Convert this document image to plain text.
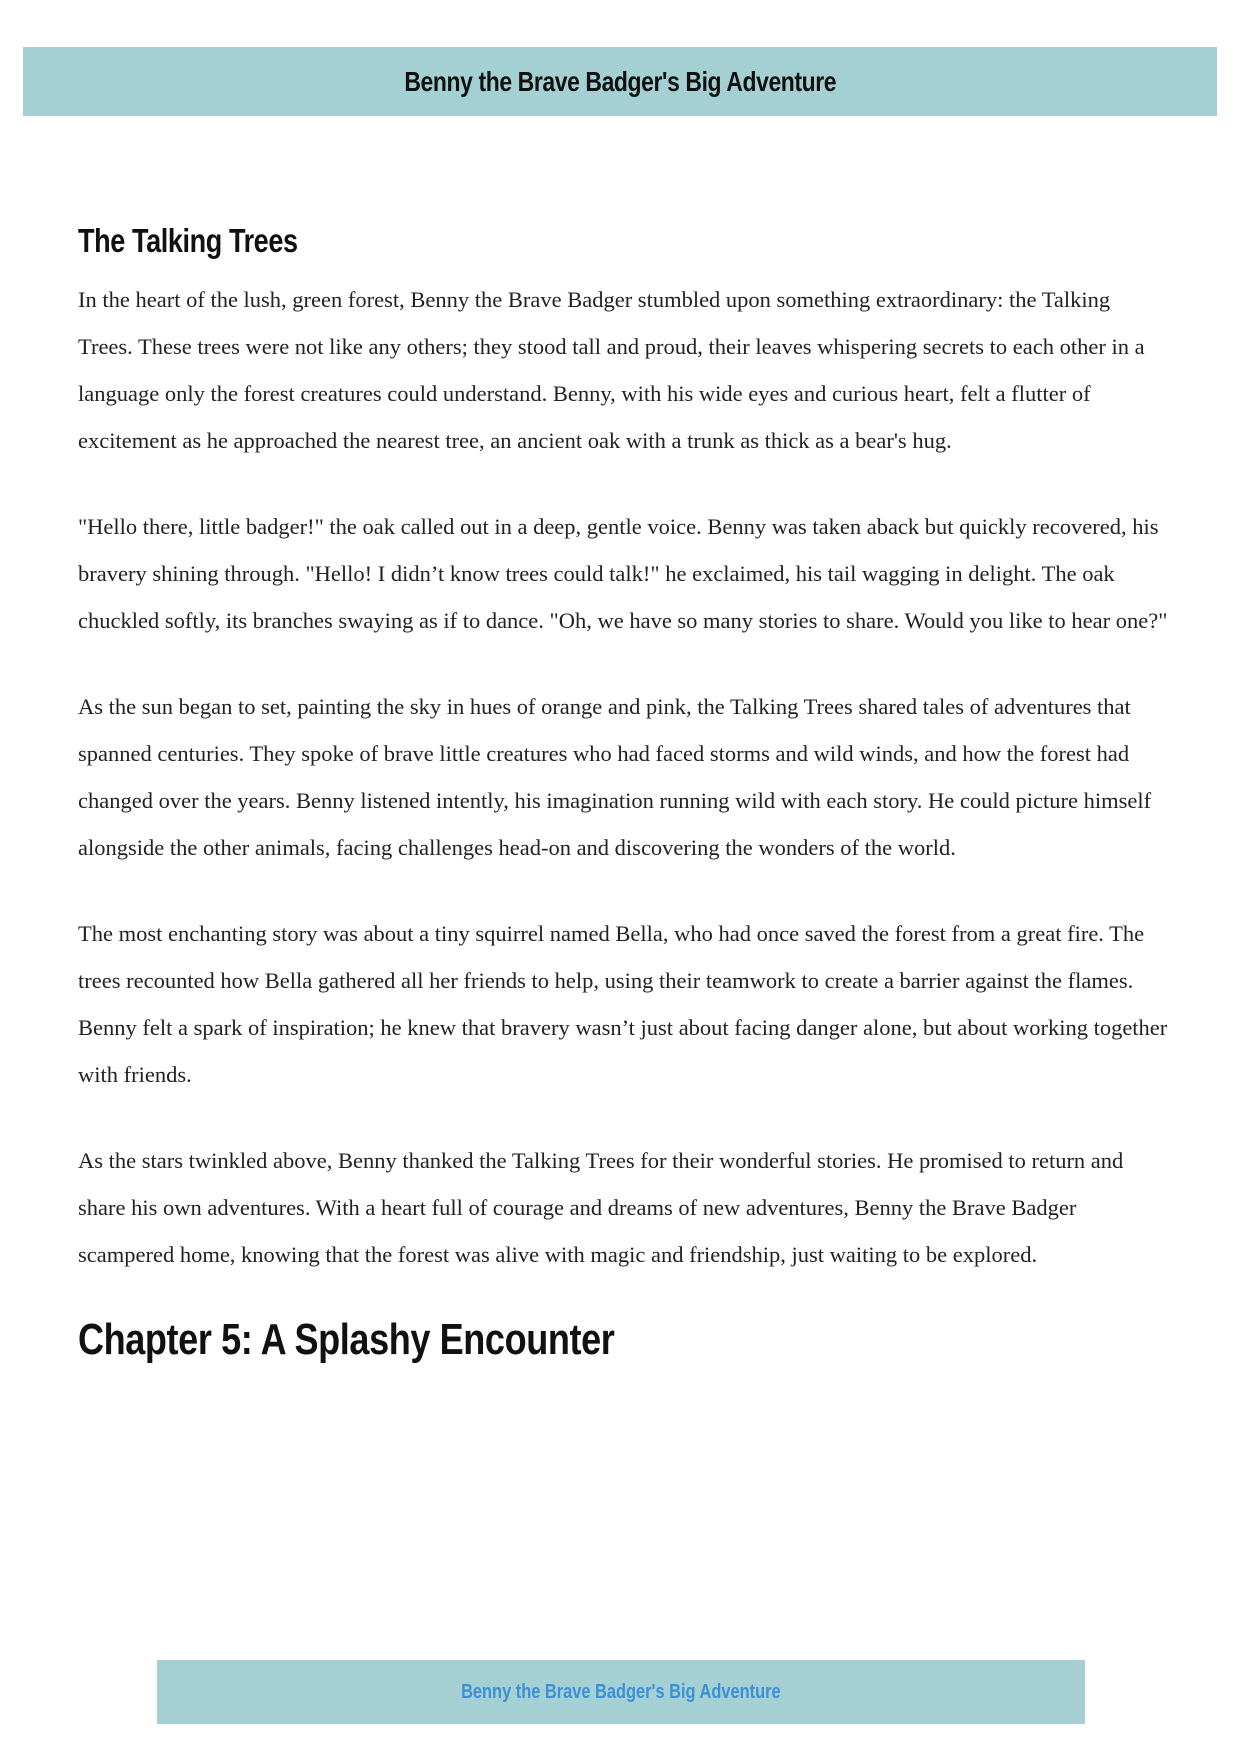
Benny the Brave Badger's Big Adventure
The Talking Trees

In the heart of the lush, green forest, Benny the Brave Badger stumbled upon something extraordinary: the Talking Trees. These trees were not like any others; they stood tall and proud, their leaves whispering secrets to each other in a language only the forest creatures could understand. Benny, with his wide eyes and curious heart, felt a flutter of excitement as he approached the nearest tree, an ancient oak with a trunk as thick as a bear's hug.

"Hello there, little badger!" the oak called out in a deep, gentle voice. Benny was taken aback but quickly recovered, his bravery shining through. "Hello! I didn’t know trees could talk!" he exclaimed, his tail wagging in delight. The oak chuckled softly, its branches swaying as if to dance. "Oh, we have so many stories to share. Would you like to hear one?"

As the sun began to set, painting the sky in hues of orange and pink, the Talking Trees shared tales of adventures that spanned centuries. They spoke of brave little creatures who had faced storms and wild winds, and how the forest had changed over the years. Benny listened intently, his imagination running wild with each story. He could picture himself alongside the other animals, facing challenges head-on and discovering the wonders of the world.

The most enchanting story was about a tiny squirrel named Bella, who had once saved the forest from a great fire. The trees recounted how Bella gathered all her friends to help, using their teamwork to create a barrier against the flames. Benny felt a spark of inspiration; he knew that bravery wasn’t just about facing danger alone, but about working together with friends.

As the stars twinkled above, Benny thanked the Talking Trees for their wonderful stories. He promised to return and share his own adventures. With a heart full of courage and dreams of new adventures, Benny the Brave Badger scampered home, knowing that the forest was alive with magic and friendship, just waiting to be explored.

Chapter 5: A Splashy Encounter
Benny the Brave Badger's Big Adventure
